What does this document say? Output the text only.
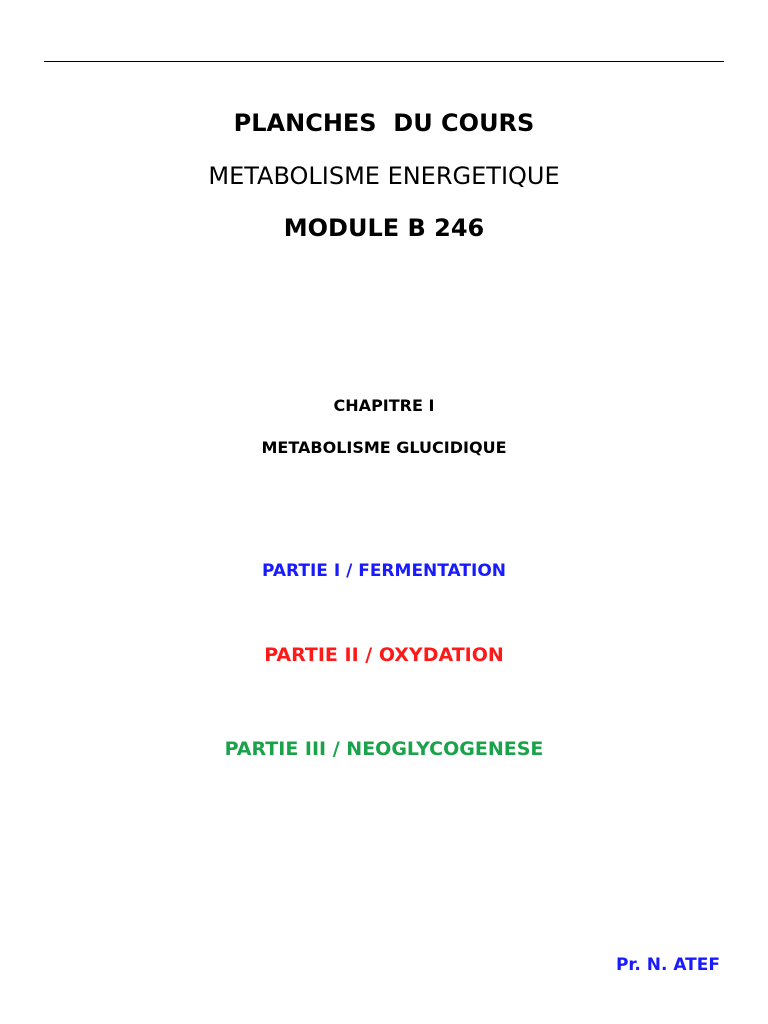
PLANCHES  DU COURS
METABOLISME ENERGETIQUE
MODULE B 246
CHAPITRE I
METABOLISME GLUCIDIQUE
PARTIE I / FERMENTATION
PARTIE II / OXYDATION
PARTIE III / NEOGLYCOGENESE
Pr. N. ATEF
